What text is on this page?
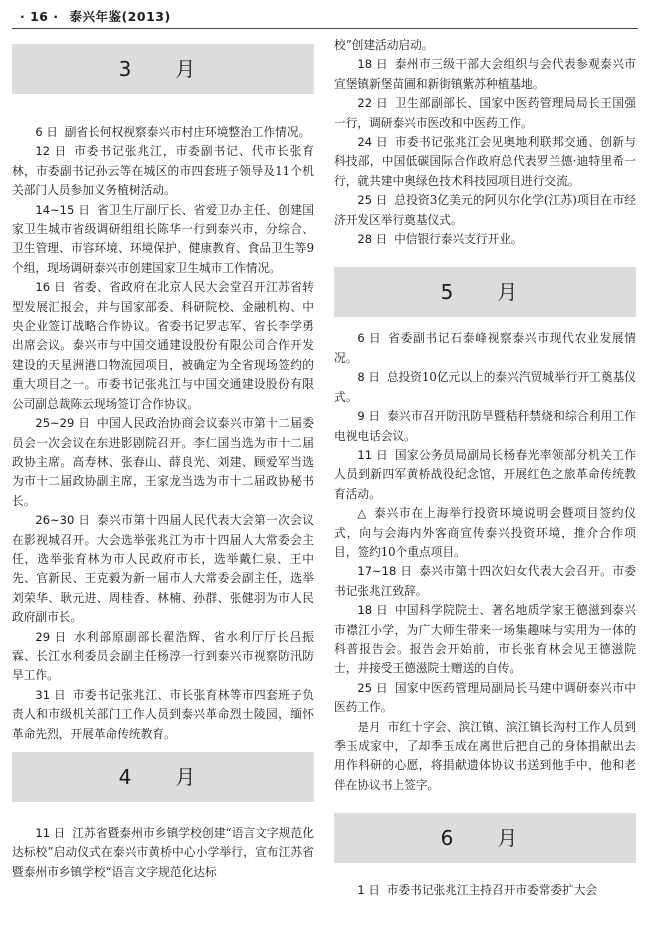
· 16 · 泰兴年鉴(2013)
3　月

6 日 副省长何权视察泰兴市村庄环境整治工作情况。

12 日 市委书记张兆江，市委副书记、代市长张育林，市委副书记孙云等在城区的市四套班子领导及11个机关部门人员参加义务植树活动。

14~15 日 省卫生厅副厅长、省爱卫办主任、创建国家卫生城市省级调研组组长陈华一行到泰兴市，分综合、卫生管理、市容环境、环境保护、健康教育、食品卫生等9个组，现场调研泰兴市创建国家卫生城市工作情况。

16 日 省委、省政府在北京人民大会堂召开江苏省转型发展汇报会，并与国家部委、科研院校、金融机构、中央企业签订战略合作协议。省委书记罗志军、省长李学勇出席会议。泰兴市与中国交通建设股份有限公司合作开发建设的天星洲港口物流园项目，被确定为全省现场签约的重大项目之一。市委书记张兆江与中国交通建设股份有限公司副总裁陈云现场签订合作协议。

25~29 日 中国人民政治协商会议泰兴市第十二届委员会一次会议在东进影剧院召开。李仁国当选为市十二届政协主席。高寿林、张春山、薛良光、刘建、顾爱军当选为市十二届政协副主席，王家龙当选为市十二届政协秘书长。

26~30 日 泰兴市第十四届人民代表大会第一次会议在影视城召开。大会选举张兆江为市十四届人大常委会主任，选举张育林为市人民政府市长，选举戴仁泉、王中先、官新民、王克毅为新一届市人大常委会副主任，选举刘荣华、耿元进、周桂香、林楠、孙群、张健羽为市人民政府副市长。

29 日 水利部原副部长翟浩辉、省水利厅厅长吕振霖、长江水利委员会副主任杨淳一行到泰兴市视察防汛防旱工作。

31 日 市委书记张兆江、市长张育林等市四套班子负责人和市级机关部门工作人员到泰兴革命烈士陵园，缅怀革命先烈，开展革命传统教育。

4　月

11 日 江苏省暨泰州市乡镇学校创建“语言文字规范化达标校”启动仪式在泰兴市黄桥中心小学举行，宣布江苏省暨泰州市乡镇学校“语言文字规范化达标

校”创建活动启动。

18 日 泰州市三级干部大会组织与会代表参观泰兴市宣堡镇新堡苗圃和新街镇紫苏种植基地。

22 日 卫生部副部长、国家中医药管理局局长王国强一行，调研泰兴市医改和中医药工作。

24 日 市委书记张兆江会见奥地利联邦交通、创新与科技部，中国低碳国际合作政府总代表罗兰德·迪特里希一行，就共建中奥绿色技术科技园项目进行交流。

25 日 总投资3亿美元的阿贝尔化学(江苏)项目在市经济开发区举行奠基仪式。

28 日 中信银行泰兴支行开业。

5　月

6 日 省委副书记石泰峰视察泰兴市现代农业发展情况。

8 日 总投资10亿元以上的泰兴汽贸城举行开工奠基仪式。

9 日 泰兴市召开防汛防旱暨秸秆禁烧和综合利用工作电视电话会议。

11 日 国家公务员局副局长杨春光率领部分机关工作人员到新四军黄桥战役纪念馆，开展红色之旅革命传统教育活动。

△ 泰兴市在上海举行投资环境说明会暨项目签约仪式，向与会海内外客商宣传泰兴投资环境，推介合作项目，签约10个重点项目。

17~18 日 泰兴市第十四次妇女代表大会召开。市委书记张兆江致辞。

18 日 中国科学院院士、著名地质学家王德滋到泰兴市襟江小学，为广大师生带来一场集趣味与实用为一体的科普报告会。报告会开始前，市长张育林会见王德滋院士，并接受王德滋院士赠送的自传。

25 日 国家中医药管理局副局长马建中调研泰兴市中医药工作。

是月 市红十字会、滨江镇、滨江镇长沟村工作人员到季玉成家中，了却季玉成在离世后把自己的身体捐献出去用作科研的心愿，将捐献遗体协议书送到他手中，他和老伴在协议书上签字。

6　月

1 日 市委书记张兆江主持召开市委常委扩大会
